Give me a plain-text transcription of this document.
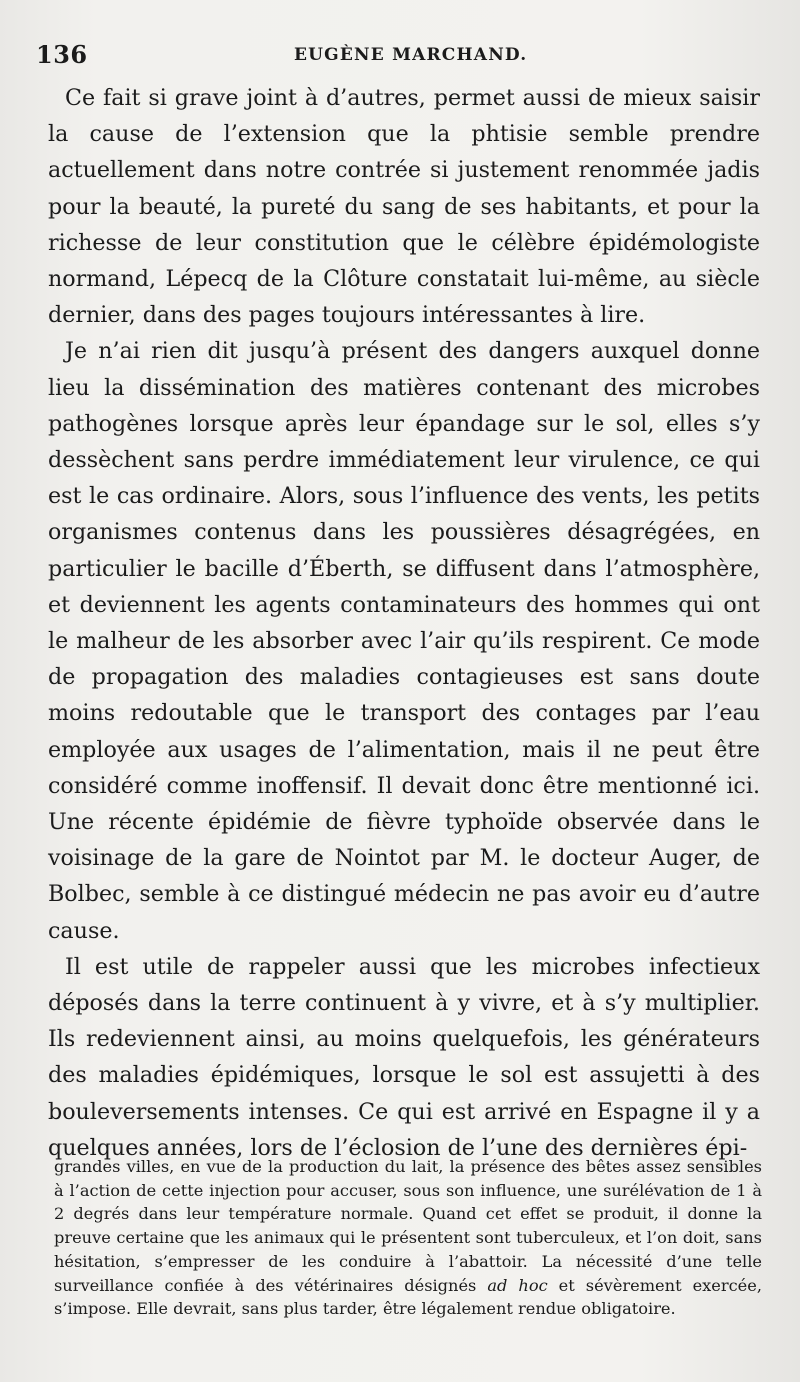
136	EUGÈNE MARCHAND.

Ce fait si grave joint à d’autres, permet aussi de mieux saisir la cause de l’extension que la phtisie semble prendre actuellement dans notre contrée si justement renommée jadis pour la beauté, la pureté du sang de ses habitants, et pour la richesse de leur constitution que le célèbre épidémologiste normand, Lépecq de la Clôture constatait lui-même, au siècle dernier, dans des pages toujours intéressantes à lire.

Je n’ai rien dit jusqu’à présent des dangers auxquel donne lieu la dissémination des matières contenant des microbes pathogènes lorsque après leur épandage sur le sol, elles s’y dessèchent sans perdre immédiatement leur virulence, ce qui est le cas ordinaire. Alors, sous l’influence des vents, les petits organismes contenus dans les poussières désagrégées, en particulier le bacille d’Éberth, se diffusent dans l’atmosphère, et deviennent les agents contaminateurs des hommes qui ont le malheur de les absorber avec l’air qu’ils respirent. Ce mode de propagation des maladies contagieuses est sans doute moins redoutable que le transport des contages par l’eau employée aux usages de l’alimentation, mais il ne peut être considéré comme inoffensif. Il devait donc être mentionné ici. Une récente épidémie de fièvre typhoïde observée dans le voisinage de la gare de Nointot par M. le docteur Auger, de Bolbec, semble à ce distingué médecin ne pas avoir eu d’autre cause.

Il est utile de rappeler aussi que les microbes infectieux déposés dans la terre continuent à y vivre, et à s’y multiplier. Ils redeviennent ainsi, au moins quelquefois, les générateurs des maladies épidémiques, lorsque le sol est assujetti à des bouleversements intenses. Ce qui est arrivé en Espagne il y a quelques années, lors de l’éclosion de l’une des dernières épi-

grandes villes, en vue de la production du lait, la présence des bêtes assez sensibles à l’action de cette injection pour accuser, sous son influence, une surélévation de 1 à 2 degrés dans leur température normale. Quand cet effet se produit, il donne la preuve certaine que les animaux qui le présentent sont tuberculeux, et l’on doit, sans hésitation, s’empresser de les conduire à l’abattoir. La nécessité d’une telle surveillance confiée à des vétérinaires désignés ad hoc et sévèrement exercée, s’impose. Elle devrait, sans plus tarder, être légalement rendue obligatoire.
